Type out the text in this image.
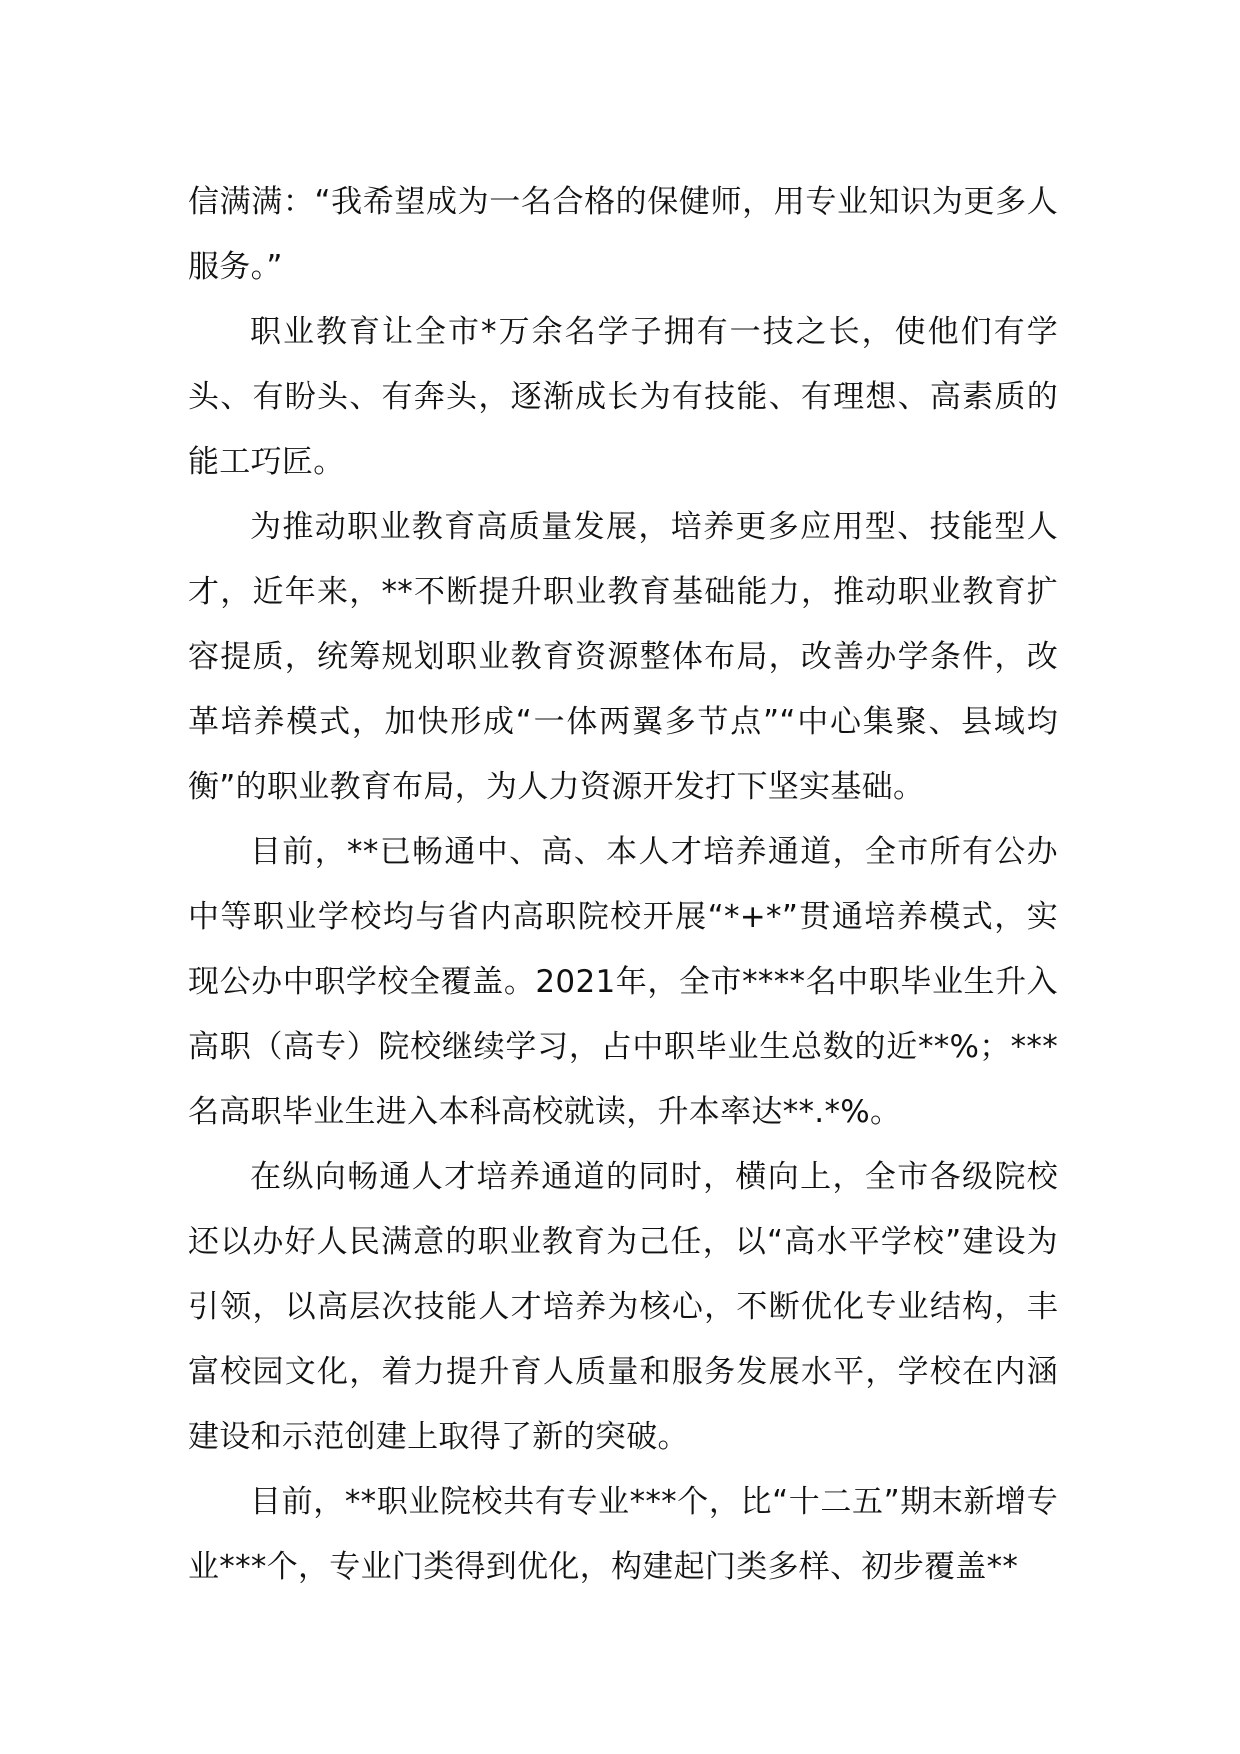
信满满：“我希望成为一名合格的保健师，用专业知识为更多人服务。”

职业教育让全市*万余名学子拥有一技之长，使他们有学头、有盼头、有奔头，逐渐成长为有技能、有理想、高素质的能工巧匠。

为推动职业教育高质量发展，培养更多应用型、技能型人才，近年来，**不断提升职业教育基础能力，推动职业教育扩容提质，统筹规划职业教育资源整体布局，改善办学条件，改革培养模式，加快形成“一体两翼多节点”“中心集聚、县域均衡”的职业教育布局，为人力资源开发打下坚实基础。

目前，**已畅通中、高、本人才培养通道，全市所有公办中等职业学校均与省内高职院校开展“*+*”贯通培养模式，实现公办中职学校全覆盖。2021年，全市****名中职毕业生升入高职（高专）院校继续学习，占中职毕业生总数的近**%；***名高职毕业生进入本科高校就读，升本率达**.*%。

在纵向畅通人才培养通道的同时，横向上，全市各级院校还以办好人民满意的职业教育为己任，以“高水平学校”建设为引领，以高层次技能人才培养为核心，不断优化专业结构，丰富校园文化，着力提升育人质量和服务发展水平，学校在内涵建设和示范创建上取得了新的突破。

目前，**职业院校共有专业***个，比“十二五”期末新增专业***个，专业门类得到优化，构建起门类多样、初步覆盖**
